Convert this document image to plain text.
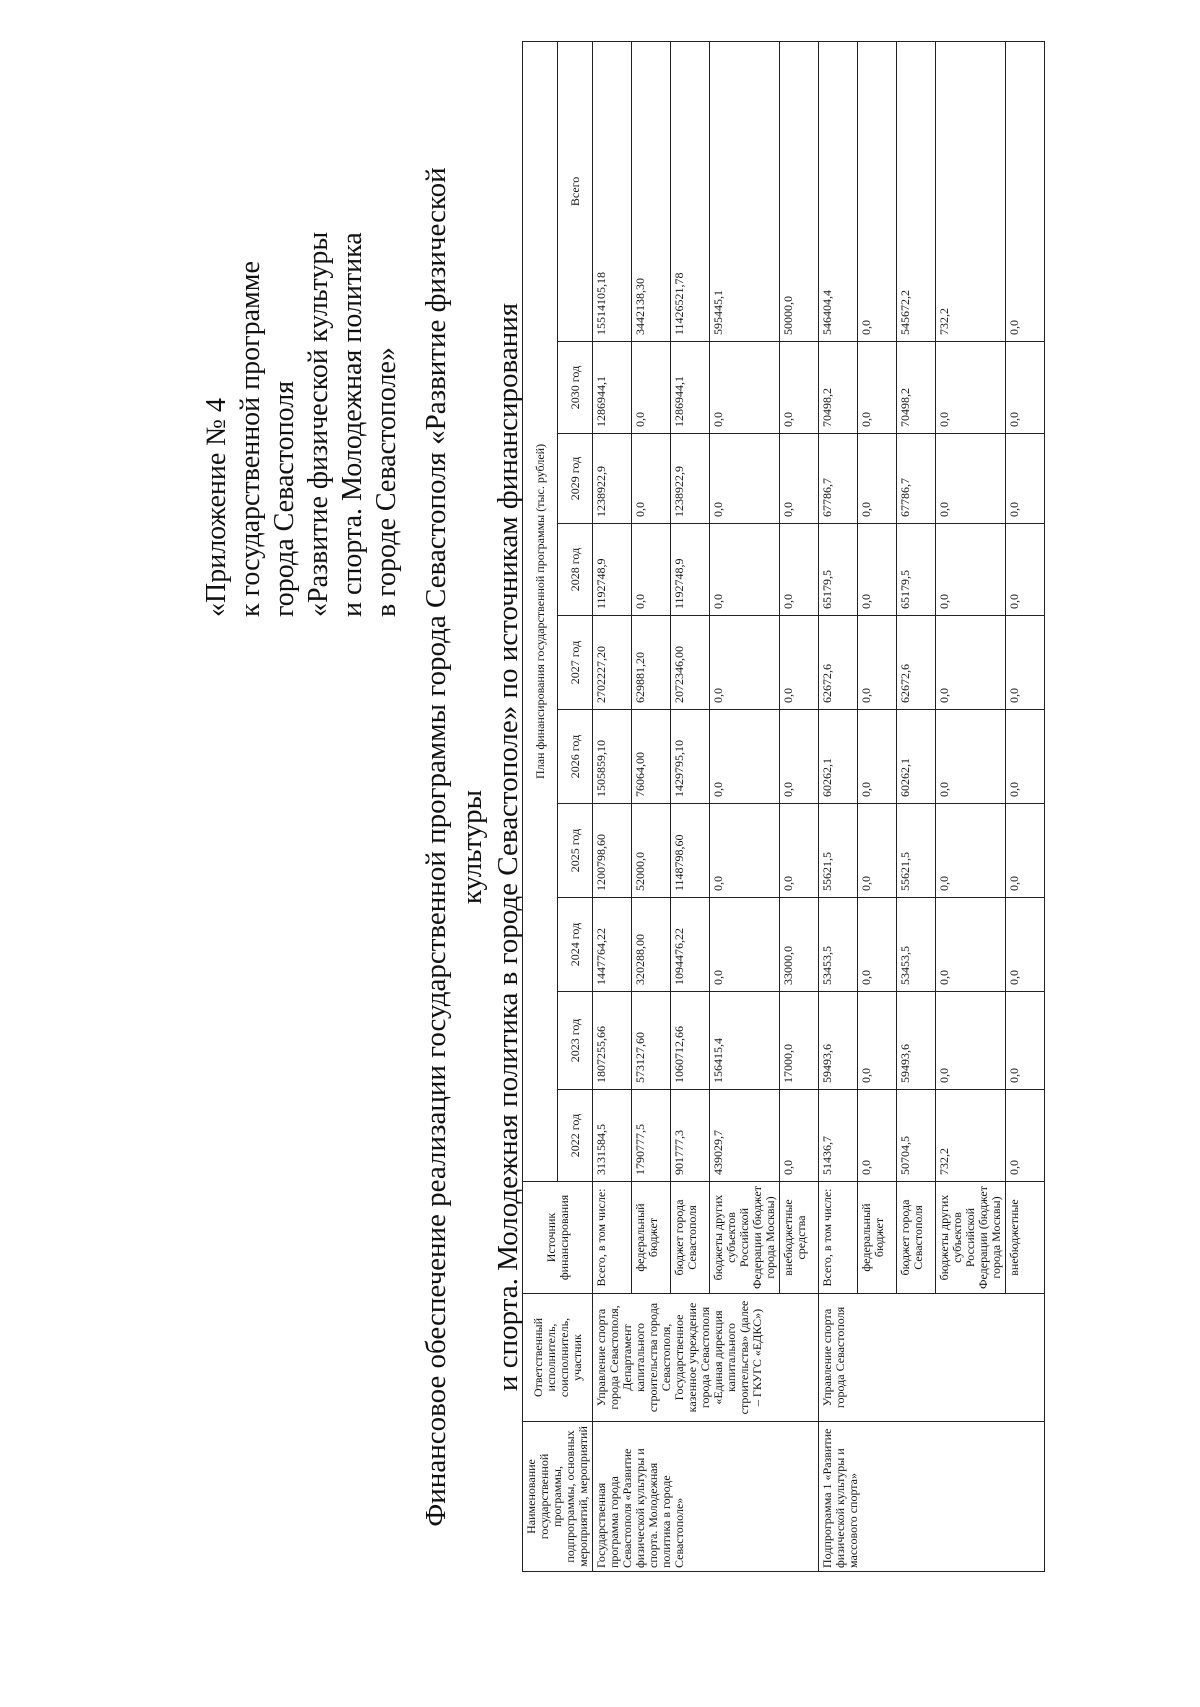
«Приложение № 4 к государственной программе города Севастополя «Развитие физической культуры и спорта. Молодежная политика в городе Севастополе» Финансовое обеспечение реализации государственной программы города Севастополя «Развитие физической культуры и спорта. Молодежная политика в городе Севастополе» по источникам финансирования
Наименование государственной программы, подпрограммы, основных мероприятий, мероприятий	Ответственный исполнитель, соисполнитель, участник	Источник финансирования	План финансирования государственной программы (тыс. рублей)									
			2022 год	2023 год	2024 год	2025 год	2026 год	2027 год	2028 год	2029 год	2030 год	Всего
Государственная программа города Севастополя «Развитие физической культуры и спорта. Молодежная политика в городе Севастополе»	Управление спорта города Севастополя, Департамент капитального строительства города Севастополя, Государственное казенное учреждение города Севастополя «Единая дирекция капитального строительства» (далее – ГКУГС «ЕДКС»)	Всего, в том числе:	3131584,5	1807255,66	1447764,22	1200798,60	1505859,10	2702227,20	1192748,9	1238922,9	1286944,1	15514105,18
		федеральный бюджет	1790777,5	573127,60	320288,00	52000,0	76064,00	629881,20	0,0	0,0	0,0	3442138,30
		бюджет города Севастополя	901777,3	1060712,66	1094476,22	1148798,60	1429795,10	2072346,00	1192748,9	1238922,9	1286944,1	11426521,78
		бюджеты других субъектов Российской Федерации (бюджет города Москвы)	439029,7	156415,4	0,0	0,0	0,0	0,0	0,0	0,0	0,0	595445,1
		внебюджетные средства	0,0	17000,0	33000,0	0,0	0,0	0,0	0,0	0,0	0,0	50000,0
Подпрограмма 1 «Развитие физической культуры и массового спорта»	Управление спорта города Севастополя	Всего, в том числе:	51436,7	59493,6	53453,5	55621,5	60262,1	62672,6	65179,5	67786,7	70498,2	546404,4
		федеральный бюджет	0,0	0,0	0,0	0,0	0,0	0,0	0,0	0,0	0,0	0,0
		бюджет города Севастополя	50704,5	59493,6	53453,5	55621,5	60262,1	62672,6	65179,5	67786,7	70498,2	545672,2
		бюджеты других субъектов Российской Федерации (бюджет города Москвы)	732,2	0,0	0,0	0,0	0,0	0,0	0,0	0,0	0,0	732,2
		внебюджетные	0,0	0,0	0,0	0,0	0,0	0,0	0,0	0,0	0,0	0,0
